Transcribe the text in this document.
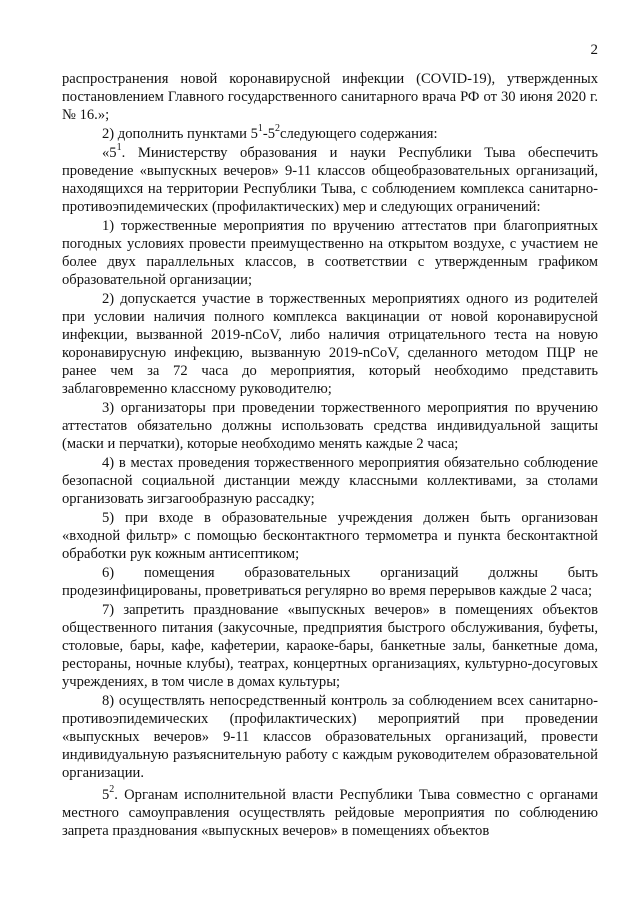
2

распространения новой коронавирусной инфекции (COVID-19), утвержденных постановлением Главного государственного санитарного врача РФ от 30 июня 2020 г. № 16.»;

2) дополнить пунктами $5^1-5^2следующего$ содержания:

«$5^1$. Министерству образования и науки Республики Тыва обеспечить проведение «выпускных вечеров» 9-11 классов общеобразовательных организаций, находящихся на территории Республики Тыва, с соблюдением комплекса санитарно-противоэпидемических (профилактических) мер и следующих ограничений:

1) торжественные мероприятия по вручению аттестатов при благоприятных погодных условиях провести преимущественно на открытом воздухе, с участием не более двух параллельных классов, в соответствии с утвержденным графиком образовательной организации;

2) допускается участие в торжественных мероприятиях одного из родителей при условии наличия полного комплекса вакцинации от новой коронавирусной инфекции, вызванной 2019-nCoV, либо наличия отрицательного теста на новую коронавирусную инфекцию, вызванную 2019-nCoV, сделанного методом ПЦР не ранее чем за 72 часа до мероприятия, который необходимо представить заблаговременно классному руководителю;

3) организаторы при проведении торжественного мероприятия по вручению аттестатов обязательно должны использовать средства индивидуальной защиты (маски и перчатки), которые необходимо менять каждые 2 часа;

4) в местах проведения торжественного мероприятия обязательно соблюдение безопасной социальной дистанции между классными коллективами, за столами организовать зигзагообразную рассадку;

5) при входе в образовательные учреждения должен быть организован «входной фильтр» с помощью бесконтактного термометра и пункта бесконтактной обработки рук кожным антисептиком;

6) помещения образовательных организаций должны быть продезинфицированы, проветриваться регулярно во время перерывов каждые 2 часа;

7) запретить празднование «выпускных вечеров» в помещениях объектов общественного питания (закусочные, предприятия быстрого обслуживания, буфеты, столовые, бары, кафе, кафетерии, караоке-бары, банкетные залы, банкетные дома, рестораны, ночные клубы), театрах, концертных организациях, культурно-досуговых учреждениях, в том числе в домах культуры;

8) осуществлять непосредственный контроль за соблюдением всех санитарно-противоэпидемических (профилактических) мероприятий при проведении «выпускных вечеров» 9-11 классов образовательных организаций, провести индивидуальную разъяснительную работу с каждым руководителем образовательной организации.

$5^2$. Органам исполнительной власти Республики Тыва совместно с органами местного самоуправления осуществлять рейдовые мероприятия по соблюдению запрета празднования «выпускных вечеров» в помещениях объектов
